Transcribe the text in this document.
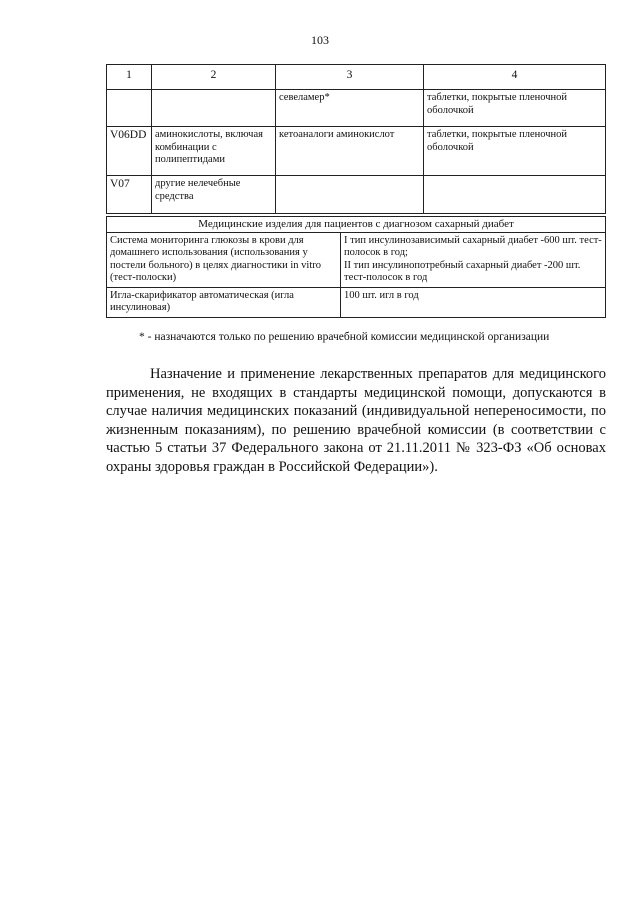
103
1	2	3	4
		севеламер*	таблетки, покрытые пленочной оболочкой
V06DD	аминокислоты, включая комбинации с полипептидами	кетоаналоги аминокислот	таблетки, покрытые пленочной оболочкой
V07	другие нелечебные средства		
Медицинские изделия для пациентов с диагнозом сахарный диабет	
Система мониторинга глюкозы в крови для домашнего использования (использования у постели больного) в целях диагностики in vitro (тест-полоски)	I тип инсулинозависимый сахарный диабет -600 шт. тест-полосок в год;
II тип инсулинопотребный сахарный диабет -200 шт. тест-полосок в год

Игла-скарификатор автоматическая (игла инсулиновая)	100 шт. игл в год
* - назначаются только по решению врачебной комиссии медицинской организации

Назначение и применение лекарственных препаратов для медицинского применения, не входящих в стандарты медицинской помощи, допускаются в случае наличия медицинских показаний (индивидуальной непереносимости, по жизненным показаниям), по решению врачебной комиссии (в соответствии с частью 5 статьи 37 Федерального закона от 21.11.2011 № 323-ФЗ «Об основах охраны здоровья граждан в Российской Федерации»).
